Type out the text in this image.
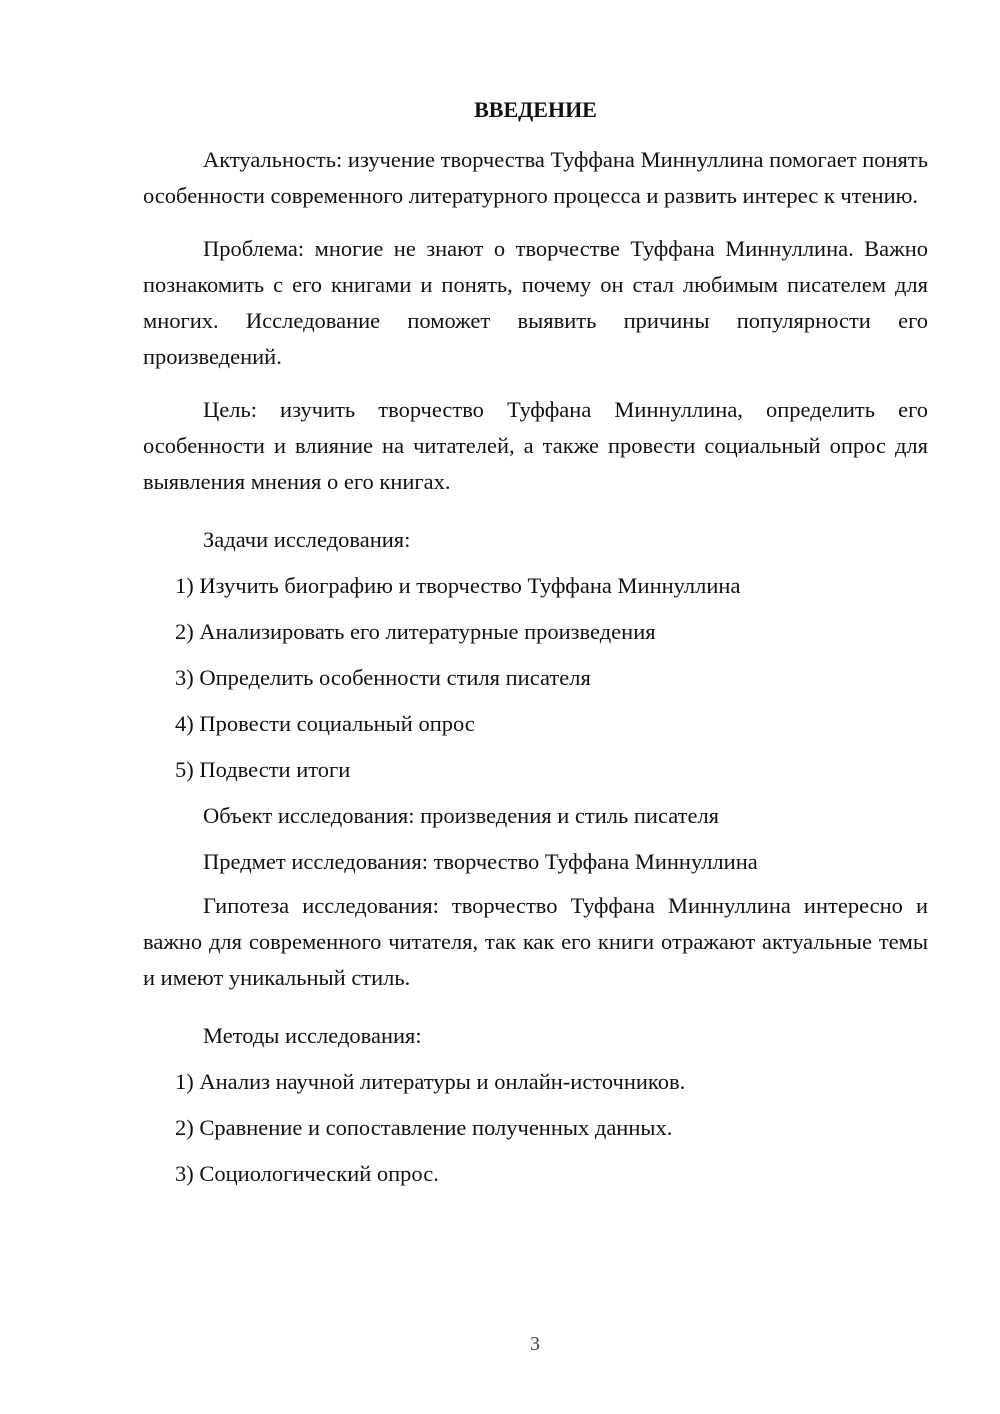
ВВЕДЕНИЕ

Актуальность: изучение творчества Туффана Миннуллина помогает понять особенности современного литературного процесса и развить интерес к чтению.

Проблема: многие не знают о творчестве Туффана Миннуллина. Важно познакомить с его книгами и понять, почему он стал любимым писателем для многих. Исследование поможет выявить причины популярности его произведений.

Цель: изучить творчество Туффана Миннуллина, определить его особенности и влияние на читателей, а также провести социальный опрос для выявления мнения о его книгах.

Задачи исследования:

1) Изучить биографию и творчество Туффана Миннуллина

2) Анализировать его литературные произведения

3) Определить особенности стиля писателя

4) Провести социальный опрос

5) Подвести итоги

Объект исследования: произведения и стиль писателя

Предмет исследования: творчество Туффана Миннуллина

Гипотеза исследования: творчество Туффана Миннуллина интересно и важно для современного читателя, так как его книги отражают актуальные темы и имеют уникальный стиль.

Методы исследования:

1) Анализ научной литературы и онлайн-источников.

2) Сравнение и сопоставление полученных данных.

3) Социологический опрос.

3
